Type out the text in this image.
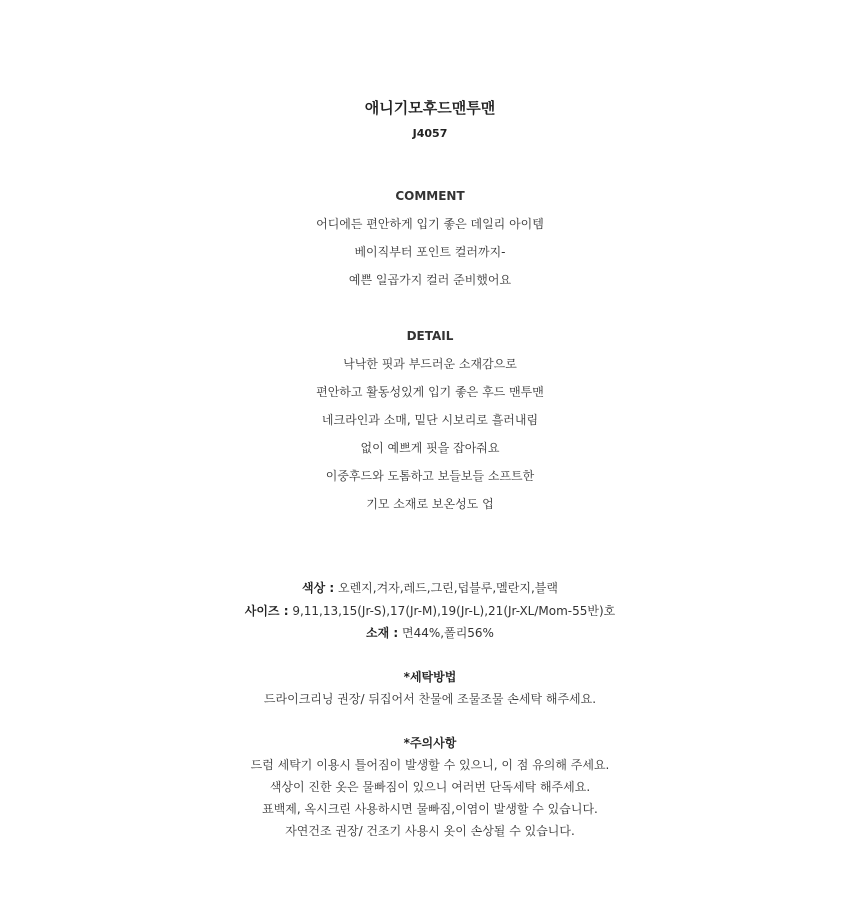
애니기모후드맨투맨
J4057
COMMENT
어디에든 편안하게 입기 좋은 데일리 아이템
베이직부터 포인트 컬러까지-
예쁜 일곱가지 컬러 준비했어요
DETAIL
낙낙한 핏과 부드러운 소재감으로
편안하고 활동성있게 입기 좋은 후드 맨투맨
네크라인과 소매, 밑단 시보리로 흘러내림
없이 예쁘게 핏을 잡아줘요
이중후드와 도톰하고 보들보들 소프트한
기모 소재로 보온성도 업
색상 : 오렌지,겨자,레드,그린,덥블루,멜란지,블랙
사이즈 : 9,11,13,15(Jr-S),17(Jr-M),19(Jr-L),21(Jr-XL/Mom-55반)호
소재 : 면44%,폴리56%
*세탁방법
드라이크리닝 권장/ 뒤집어서 찬물에 조물조물 손세탁 해주세요.
*주의사항
드럼 세탁기 이용시 틀어짐이 발생할 수 있으니, 이 점 유의해 주세요.
색상이 진한 옷은 물빠짐이 있으니 여러번 단독세탁 해주세요.
표백제, 옥시크린 사용하시면 물빠짐,이염이 발생할 수 있습니다.
자연건조 권장/ 건조기 사용시 옷이 손상될 수 있습니다.
